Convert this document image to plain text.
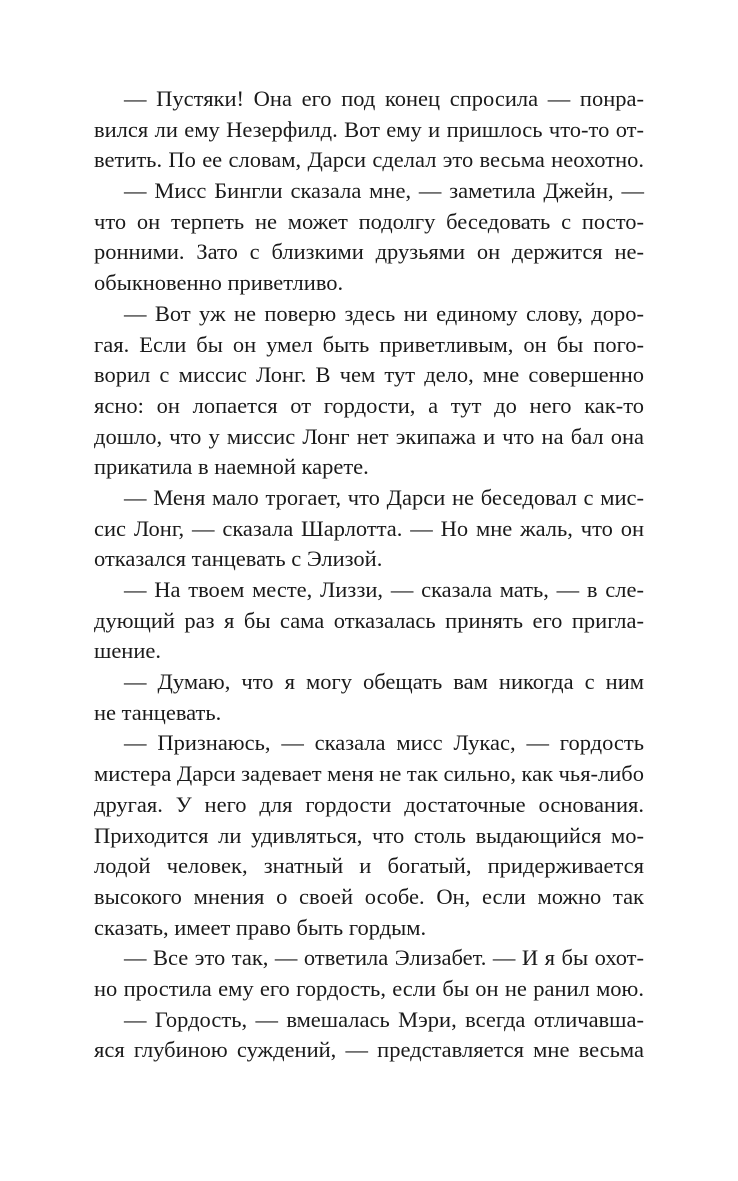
— Пустяки! Она его под конец спросила — понра-
вился ли ему Незерфилд. Вот ему и пришлось что-то от-
ветить. По ее словам, Дарси сделал это весьма неохотно.
— Мисс Бингли сказала мне, — заметила Джейн, —
что он терпеть не может подолгу беседовать с посто-
ронними. Зато с близкими друзьями он держится не-
обыкновенно приветливо.
— Вот уж не поверю здесь ни единому слову, доро-
гая. Если бы он умел быть приветливым, он бы пого-
ворил с миссис Лонг. В чем тут дело, мне совершенно
ясно: он лопается от гордости, а тут до него как-то
дошло, что у миссис Лонг нет экипажа и что на бал она
прикатила в наемной карете.
— Меня мало трогает, что Дарси не беседовал с мис-
сис Лонг, — сказала Шарлотта. — Но мне жаль, что он
отказался танцевать с Элизой.
— На твоем месте, Лиззи, — сказала мать, — в сле-
дующий раз я бы сама отказалась принять его пригла-
шение.
— Думаю, что я могу обещать вам никогда с ним
не танцевать.
— Признаюсь, — сказала мисс Лукас, — гордость
мистера Дарси задевает меня не так сильно, как чья-либо
другая. У него для гордости достаточные основания.
Приходится ли удивляться, что столь выдающийся мо-
лодой человек, знатный и богатый, придерживается
высокого мнения о своей особе. Он, если можно так
сказать, имеет право быть гордым.
— Все это так, — ответила Элизабет. — И я бы охот-
но простила ему его гордость, если бы он не ранил мою.
— Гордость, — вмешалась Мэри, всегда отличавша-
яся глубиною суждений, — представляется мне весьма
